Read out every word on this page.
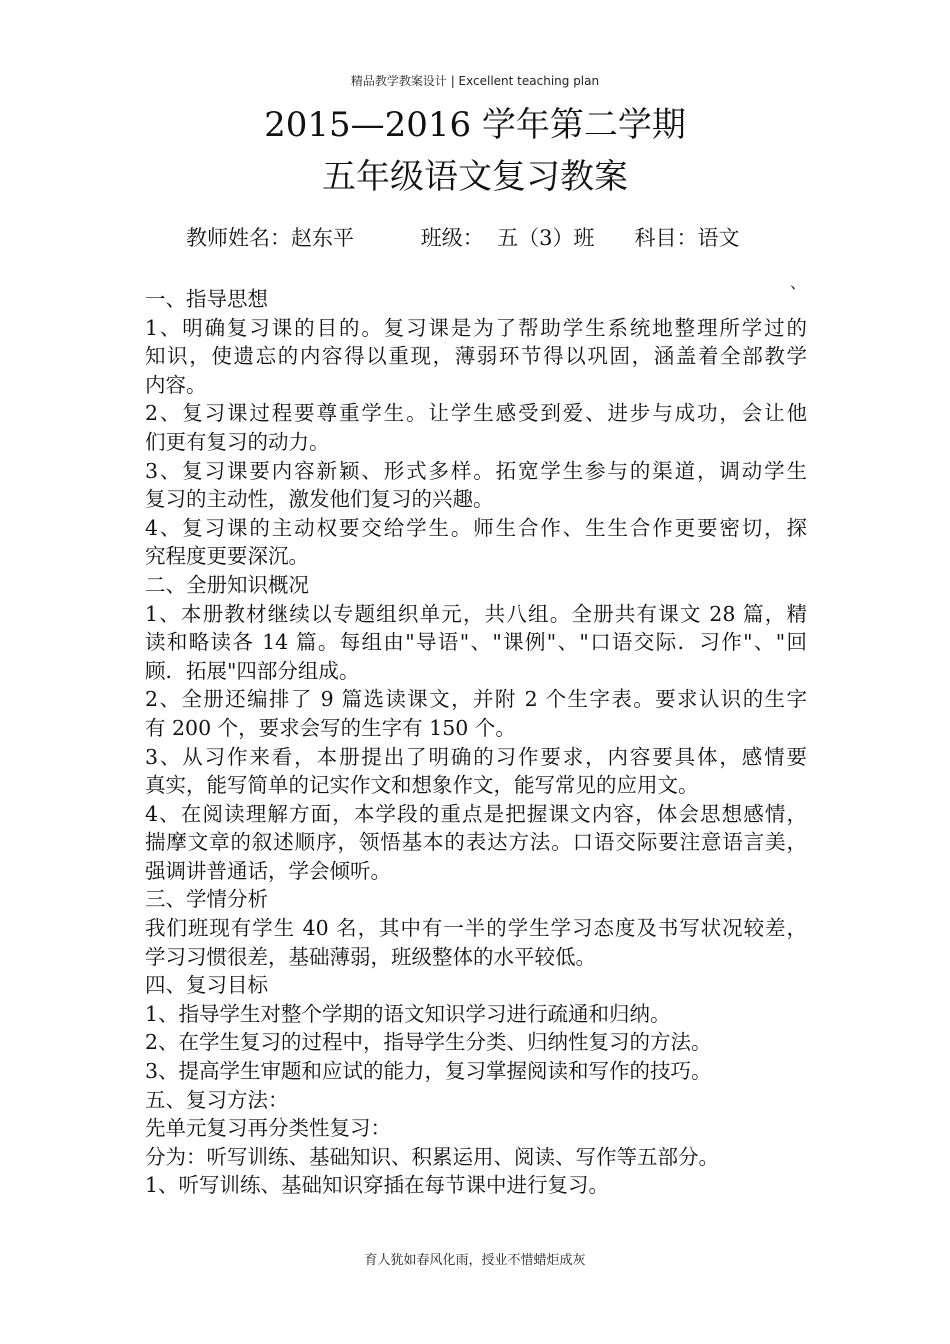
精品教学教案设计 | Excellent teaching plan
2015—2016 学年第二学期
五年级语文复习教案
教师姓名：赵东平          班级：  五（3）班      科目：语文
、
一、指导思想
1、明确复习课的目的。复习课是为了帮助学生系统地整理所学过的
知识，使遗忘的内容得以重现，薄弱环节得以巩固，涵盖着全部教学
内容。
2、复习课过程要尊重学生。让学生感受到爱、进步与成功，会让他
们更有复习的动力。
3、复习课要内容新颖、形式多样。拓宽学生参与的渠道，调动学生
复习的主动性，激发他们复习的兴趣。
4、复习课的主动权要交给学生。师生合作、生生合作更要密切，探
究程度更要深沉。
二、全册知识概况
1、本册教材继续以专题组织单元，共八组。全册共有课文 28 篇，精
读和略读各 14 篇。每组由"导语"、"课例"、"口语交际．习作"、"回
顾．拓展"四部分组成。
2、全册还编排了 9 篇选读课文，并附 2 个生字表。要求认识的生字
有 200 个，要求会写的生字有 150 个。
3、从习作来看，本册提出了明确的习作要求，内容要具体，感情要
真实，能写简单的记实作文和想象作文，能写常见的应用文。
4、在阅读理解方面，本学段的重点是把握课文内容，体会思想感情，
揣摩文章的叙述顺序，领悟基本的表达方法。口语交际要注意语言美，
强调讲普通话，学会倾听。
三、学情分析
我们班现有学生 40 名，其中有一半的学生学习态度及书写状况较差，
学习习惯很差，基础薄弱，班级整体的水平较低。
四、复习目标
1、指导学生对整个学期的语文知识学习进行疏通和归纳。
2、在学生复习的过程中，指导学生分类、归纳性复习的方法。
3、提高学生审题和应试的能力，复习掌握阅读和写作的技巧。
五、复习方法：
先单元复习再分类性复习：
分为：听写训练、基础知识、积累运用、阅读、写作等五部分。
1、听写训练、基础知识穿插在每节课中进行复习。
育人犹如春风化雨，授业不惜蜡炬成灰
